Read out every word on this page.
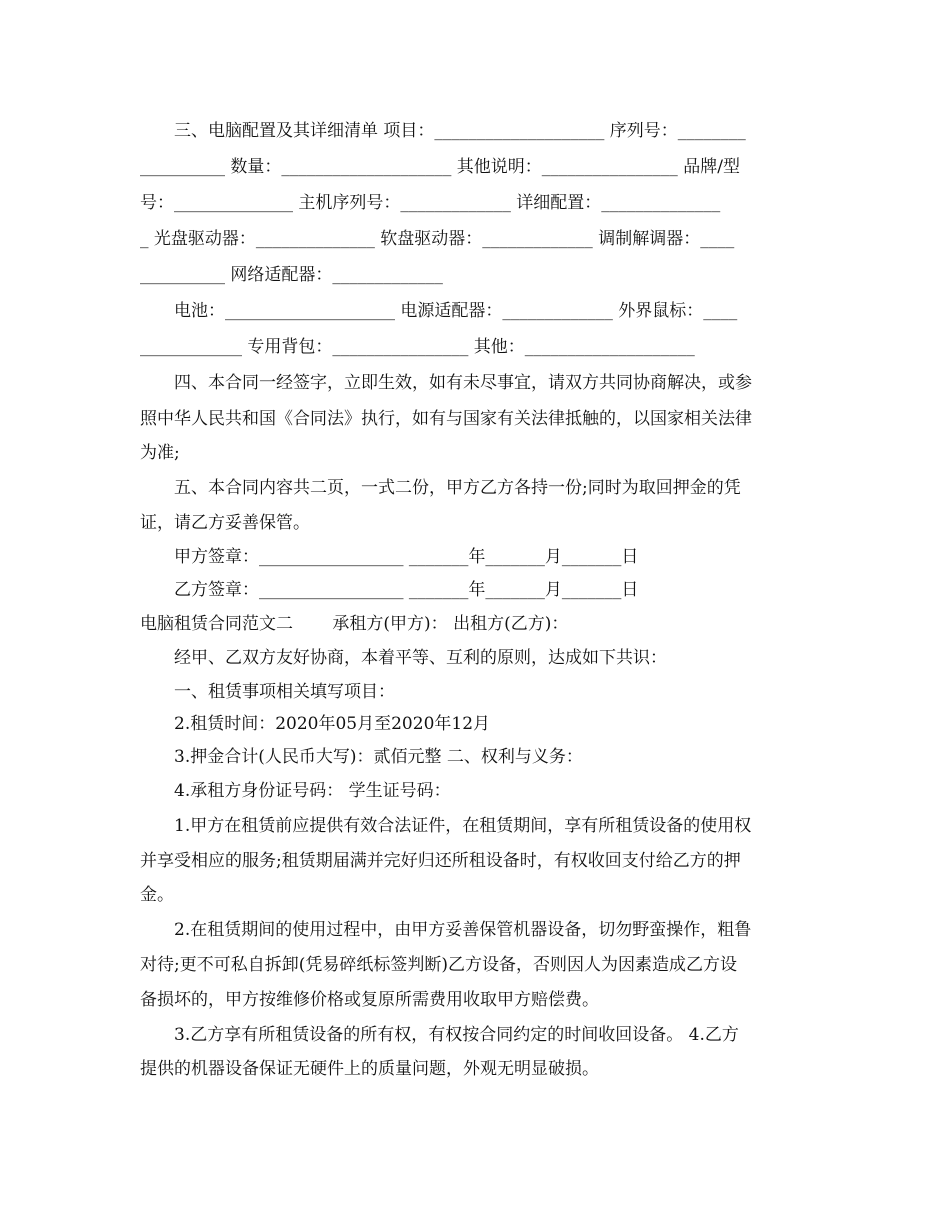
三、电脑配置及其详细清单 项目：____________________ 序列号：________
__________ 数量：____________________ 其他说明：________________ 品牌/型
号：______________ 主机序列号：_____________ 详细配置：______________
_ 光盘驱动器：______________ 软盘驱动器：_____________ 调制解调器：____
__________ 网络适配器：_____________
电池：____________________ 电源适配器：_____________ 外界鼠标：____
____________ 专用背包：________________ 其他：____________________
四、本合同一经签字，立即生效，如有未尽事宜，请双方共同协商解决，或参
照中华人民共和国《合同法》执行，如有与国家有关法律抵触的，以国家相关法律
为准;
五、本合同内容共二页，一式二份，甲方乙方各持一份;同时为取回押金的凭
证，请乙方妥善保管。
甲方签章：_________________ _______年_______月_______日
乙方签章：_________________ _______年_______月_______日
电脑租赁合同范文二 　　承租方(甲方)： 出租方(乙方)：
经甲、乙双方友好协商，本着平等、互利的原则，达成如下共识：
一、租赁事项相关填写项目：
2.租赁时间：2020年05月至2020年12月
3.押金合计(人民币大写)：贰佰元整 二、权利与义务：
4.承租方身份证号码： 学生证号码：
1.甲方在租赁前应提供有效合法证件，在租赁期间，享有所租赁设备的使用权
并享受相应的服务;租赁期届满并完好归还所租设备时，有权收回支付给乙方的押
金。
2.在租赁期间的使用过程中，由甲方妥善保管机器设备，切勿野蛮操作，粗鲁
对待;更不可私自拆卸(凭易碎纸标签判断)乙方设备，否则因人为因素造成乙方设
备损坏的，甲方按维修价格或复原所需费用收取甲方赔偿费。
3.乙方享有所租赁设备的所有权，有权按合同约定的时间收回设备。 4.乙方
提供的机器设备保证无硬件上的质量问题，外观无明显破损。
